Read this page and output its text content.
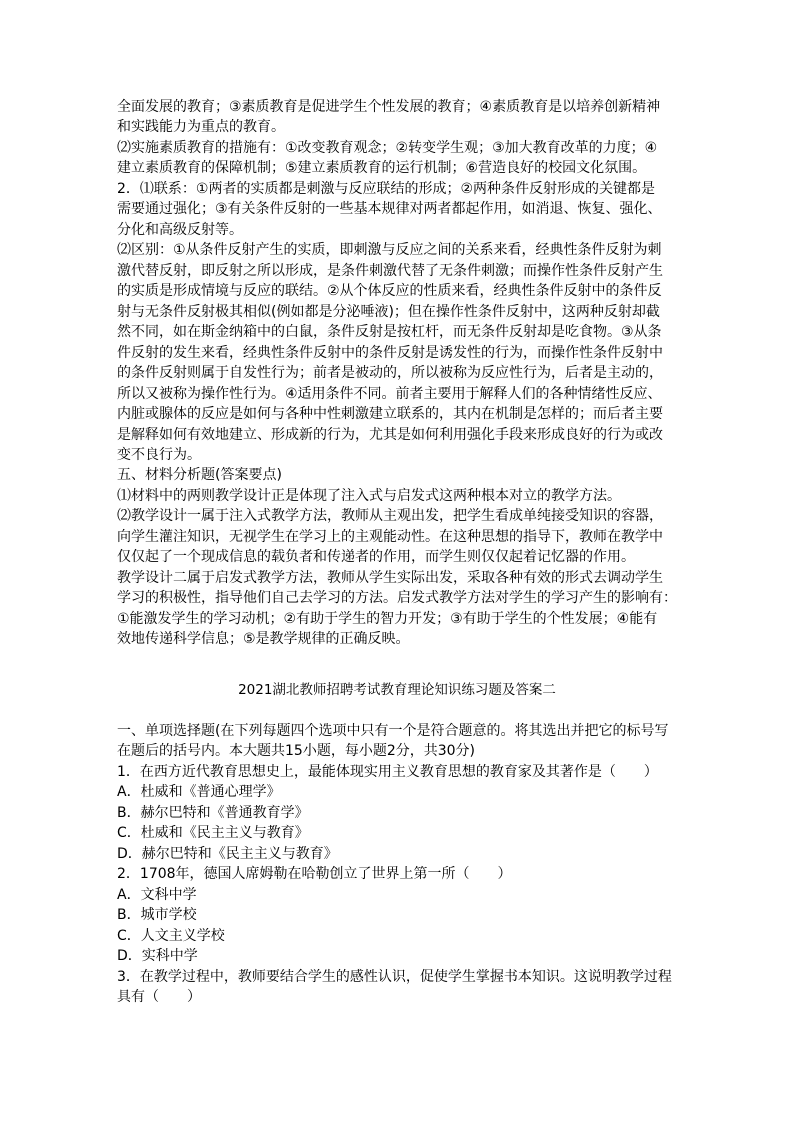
全面发展的教育；③素质教育是促进学生个性发展的教育；④素质教育是以培养创新精神
和实践能力为重点的教育。
⑵实施素质教育的措施有：①改变教育观念；②转变学生观；③加大教育改革的力度；④
建立素质教育的保障机制；⑤建立素质教育的运行机制；⑥营造良好的校园文化氛围。
2．⑴联系：①两者的实质都是刺激与反应联结的形成；②两种条件反射形成的关键都是
需要通过强化；③有关条件反射的一些基本规律对两者都起作用，如消退、恢复、强化、
分化和高级反射等。
⑵区别：①从条件反射产生的实质，即刺激与反应之间的关系来看，经典性条件反射为刺
激代替反射，即反射之所以形成，是条件刺激代替了无条件刺激；而操作性条件反射产生
的实质是形成情境与反应的联结。②从个体反应的性质来看，经典性条件反射中的条件反
射与无条件反射极其相似(例如都是分泌唾液)；但在操作性条件反射中，这两种反射却截
然不同，如在斯金纳箱中的白鼠，条件反射是按杠杆，而无条件反射却是吃食物。③从条
件反射的发生来看，经典性条件反射中的条件反射是诱发性的行为，而操作性条件反射中
的条件反射则属于自发性行为；前者是被动的，所以被称为反应性行为，后者是主动的，
所以又被称为操作性行为。④适用条件不同。前者主要用于解释人们的各种情绪性反应、
内脏或腺体的反应是如何与各种中性刺激建立联系的，其内在机制是怎样的；而后者主要
是解释如何有效地建立、形成新的行为，尤其是如何利用强化手段来形成良好的行为或改
变不良行为。
五、材料分析题(答案要点)
⑴材料中的两则教学设计正是体现了注入式与启发式这两种根本对立的教学方法。
⑵教学设计一属于注入式教学方法，教师从主观出发，把学生看成单纯接受知识的容器，
向学生灌注知识，无视学生在学习上的主观能动性。在这种思想的指导下，教师在教学中
仅仅起了一个现成信息的载负者和传递者的作用，而学生则仅仅起着记忆器的作用。
教学设计二属于启发式教学方法，教师从学生实际出发，采取各种有效的形式去调动学生
学习的积极性，指导他们自己去学习的方法。启发式教学方法对学生的学习产生的影响有：
①能激发学生的学习动机；②有助于学生的智力开发；③有助于学生的个性发展；④能有
效地传递科学信息；⑤是教学规律的正确反映。
2021湖北教师招聘考试教育理论知识练习题及答案二
一、单项选择题(在下列每题四个选项中只有一个是符合题意的。将其选出并把它的标号写
在题后的括号内。本大题共15小题，每小题2分，共30分)
1．在西方近代教育思想史上，最能体现实用主义教育思想的教育家及其著作是（　　）
A．杜威和《普通心理学》
B．赫尔巴特和《普通教育学》
C．杜威和《民主主义与教育》
D．赫尔巴特和《民主主义与教育》
2．1708年，德国人席姆勒在哈勒创立了世界上第一所（　　）
A．文科中学
B．城市学校
C．人文主义学校
D．实科中学
3．在教学过程中，教师要结合学生的感性认识，促使学生掌握书本知识。这说明教学过程
具有（　　）
